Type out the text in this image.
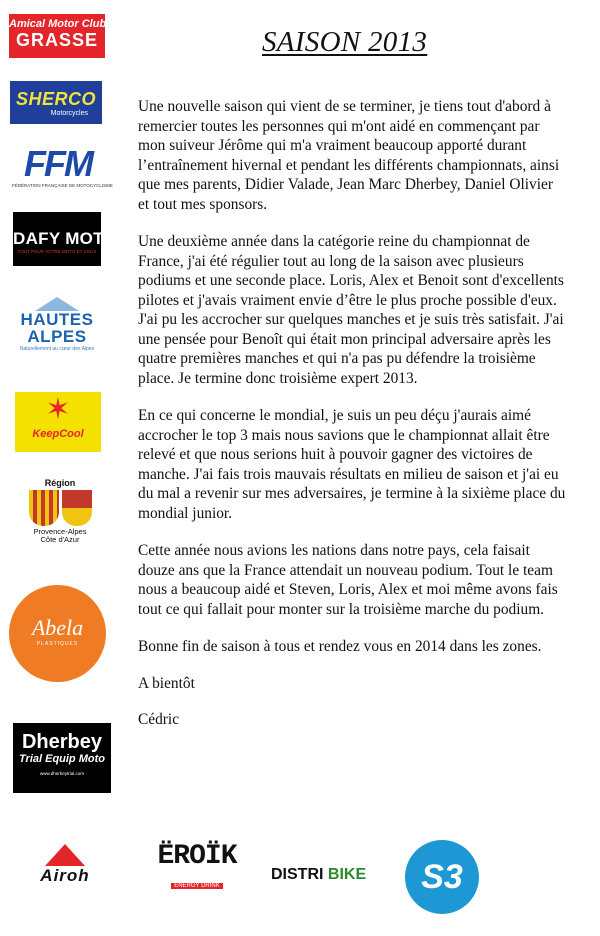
SAISON 2013

Une nouvelle saison qui vient de se terminer, je tiens tout d'abord à
remercier toutes les personnes qui m'ont aidé en commençant par
mon suiveur Jérôme qui m'a vraiment beaucoup apporté durant
l’entraînement hivernal et pendant les différents championnats, ainsi
que mes parents, Didier Valade, Jean Marc Dherbey, Daniel Olivier
et tout mes sponsors.

Une deuxième année dans la catégorie reine du championnat de
France, j'ai été régulier tout au long de la saison avec plusieurs
podiums et une seconde place. Loris, Alex et Benoit sont d'excellents
pilotes et j'avais vraiment envie d’être le plus proche possible d'eux.
J'ai pu les accrocher sur quelques manches et je suis très satisfait. J'ai
une pensée pour Benoît qui était mon principal adversaire après les
quatre premières manches et qui n'a pas pu défendre la troisième
place. Je termine donc troisième expert 2013.

En ce qui concerne le mondial, je suis un peu déçu j'aurais aimé
accrocher le top 3 mais nous savions que le championnat allait être
relevé et que nous serions huit à pouvoir gagner des victoires de
manche. J'ai fais trois mauvais résultats en milieu de saison et j'ai eu
du mal a revenir sur mes adversaires, je termine à la sixième place du
mondial junior.

Cette année nous avions les nations dans notre pays, cela faisait
douze ans que la France attendait un nouveau podium. Tout le team
nous a beaucoup aidé et Steven, Loris, Alex et moi même avons fais
tout ce qui fallait pour monter sur la troisième marche du podium.

Bonne fin de saison à tous et rendez vous en 2014 dans les zones.

A bientôt

Cédric

Amical Motor Club
GRASSE
SHERCO
Motorcycles
FFM
FÉDÉRATION FRANÇAISE DE MOTOCYCLISME
DAFY MOTO
TOUT POUR VOTRE MOTO ET VOUS
HAUTES
ALPES
Naturellement au cœur des Alpes
✶
KeepCool
Région
Provence-Alpes
Côte d'Azur
Abela
PLASTIQUES
Dherbey
Trial Equip Moto
www.dherbeytrial.com
Airoh
ËROÏK
ENERGY DRINK
DISTRI BIKE	S3
